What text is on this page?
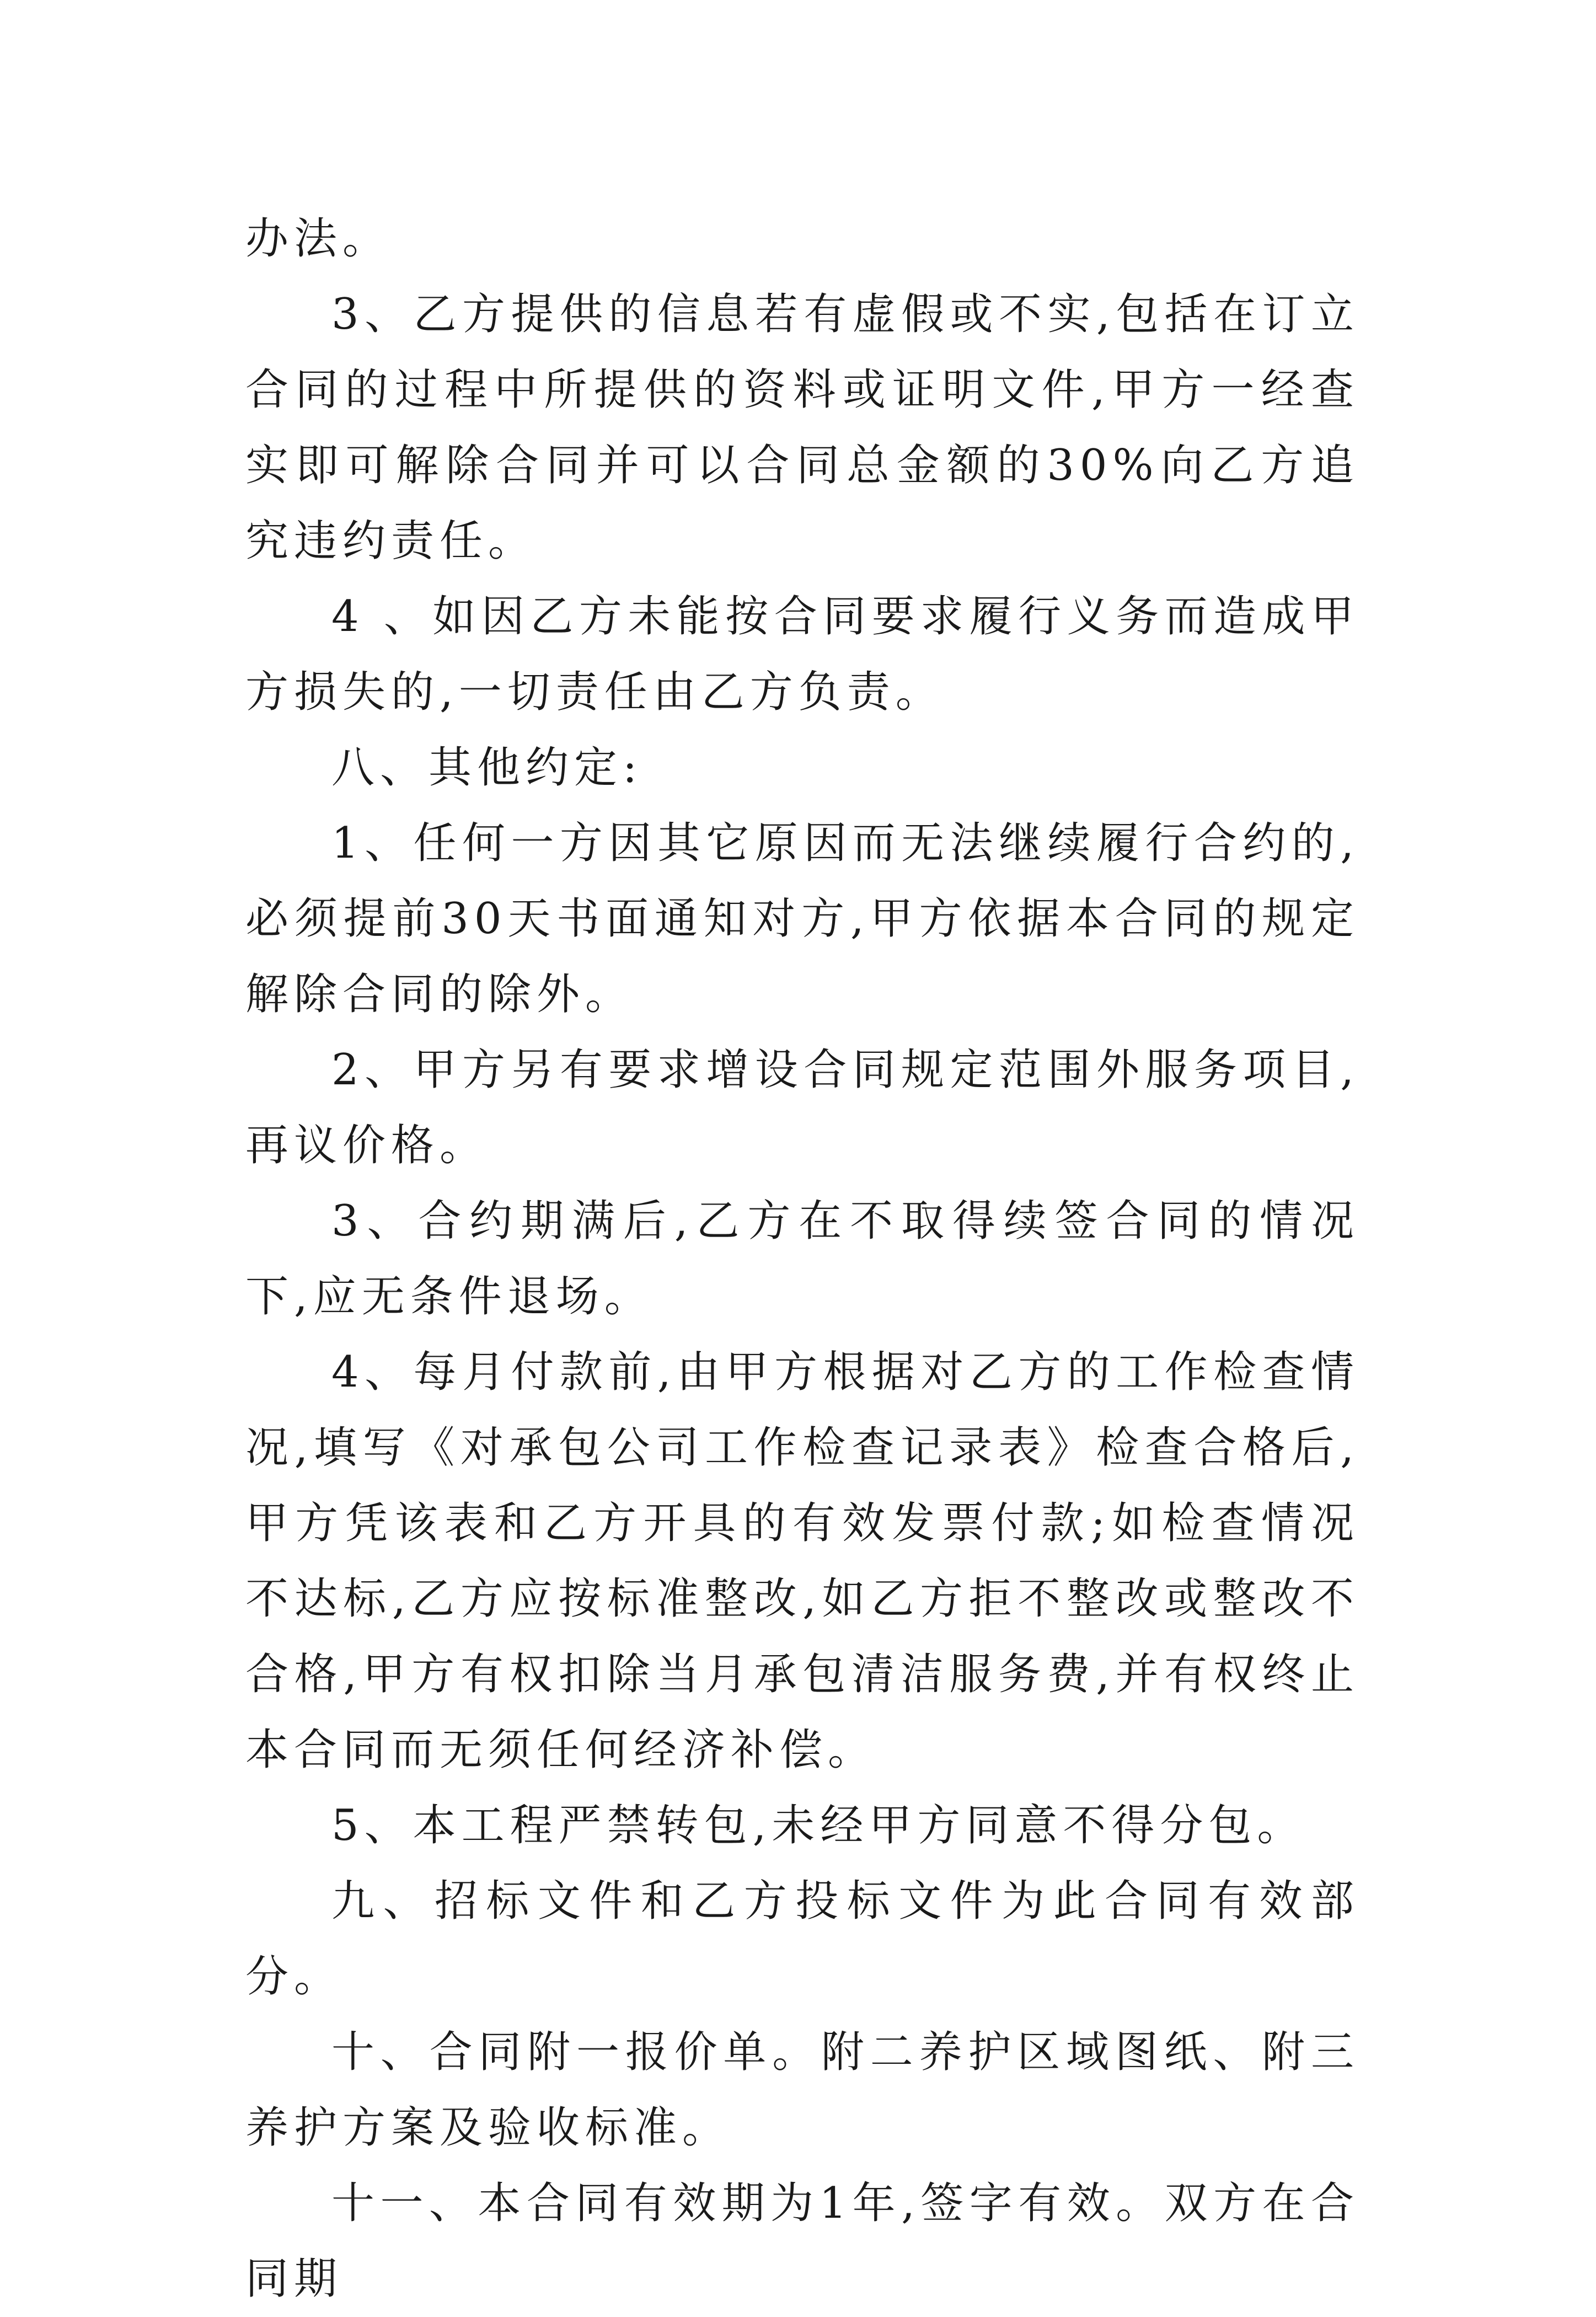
办法。

3、乙方提供的信息若有虚假或不实,包括在订立合同的过程中所提供的资料或证明文件,甲方一经查实即可解除合同并可以合同总金额的30%向乙方追究违约责任。

4 、如因乙方未能按合同要求履行义务而造成甲方损失的,一切责任由乙方负责。

八、其他约定:

1、任何一方因其它原因而无法继续履行合约的,必须提前30天书面通知对方,甲方依据本合同的规定解除合同的除外。

2、甲方另有要求增设合同规定范围外服务项目,再议价格。

3、合约期满后,乙方在不取得续签合同的情况下,应无条件退场。

4、每月付款前,由甲方根据对乙方的工作检查情况,填写《对承包公司工作检查记录表》检查合格后,甲方凭该表和乙方开具的有效发票付款;如检查情况不达标,乙方应按标准整改,如乙方拒不整改或整改不合格,甲方有权扣除当月承包清洁服务费,并有权终止本合同而无须任何经济补偿。

5、本工程严禁转包,未经甲方同意不得分包。

九、招标文件和乙方投标文件为此合同有效部分。

十、合同附一报价单。附二养护区域图纸、附三养护方案及验收标准。

十一、本合同有效期为1年,签字有效。双方在合同期
